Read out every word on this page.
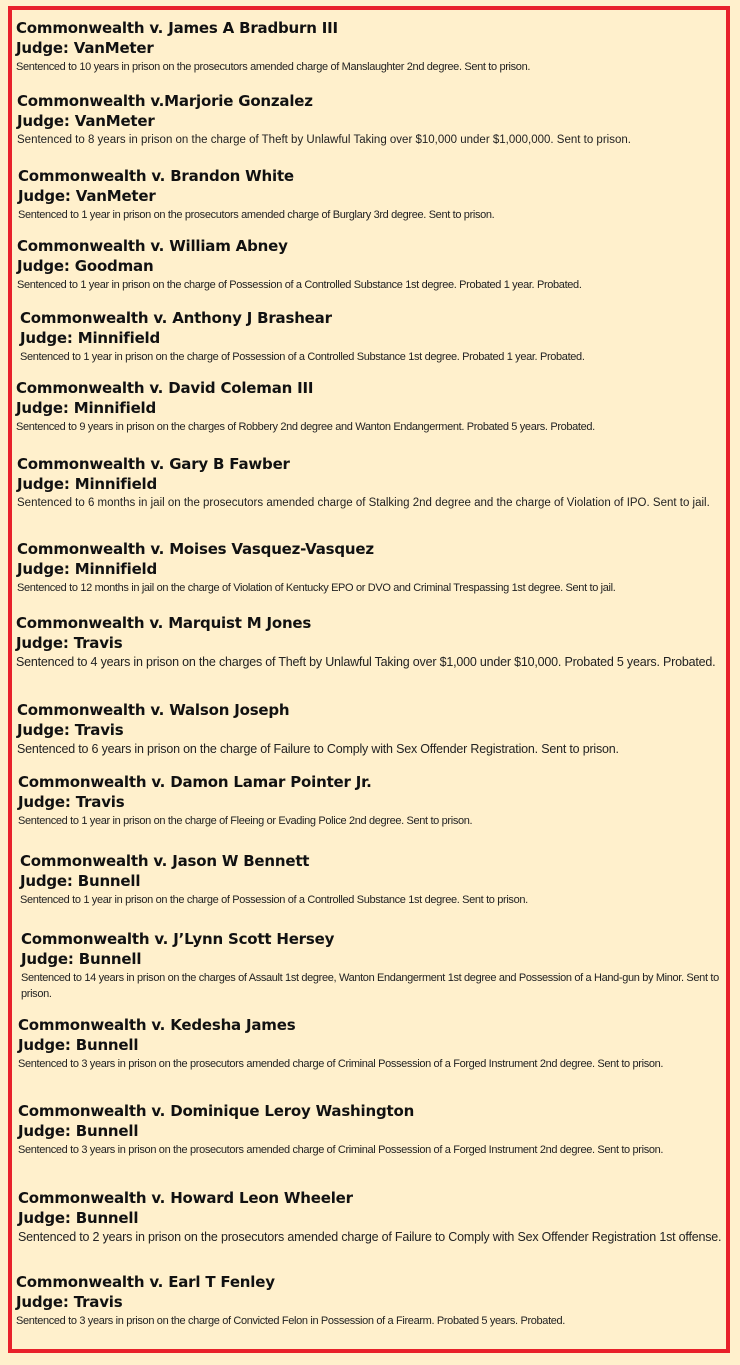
Commonwealth v. James A Bradburn III
Judge: VanMeter
Sentenced to 10 years in prison on the prosecutors amended charge of Manslaughter 2nd degree. Sent to prison.
Commonwealth v.Marjorie Gonzalez
Judge: VanMeter
Sentenced to 8 years in prison on the charge of Theft by Unlawful Taking over $10,000 under $1,000,000. Sent to prison.
Commonwealth v. Brandon White
Judge: VanMeter
Sentenced to 1 year in prison on the prosecutors amended charge of Burglary 3rd degree. Sent to prison.
Commonwealth v. William Abney
Judge: Goodman
Sentenced to 1 year in prison on the charge of Possession of a Controlled Substance 1st degree. Probated 1 year. Probated.
Commonwealth v. Anthony J Brashear
Judge: Minnifield
Sentenced to 1 year in prison on the charge of Possession of a Controlled Substance 1st degree. Probated 1 year. Probated.
Commonwealth v. David Coleman III
Judge: Minnifield
Sentenced to 9 years in prison on the charges of Robbery 2nd degree and Wanton Endangerment. Probated 5 years. Probated.
Commonwealth v. Gary B Fawber
Judge: Minnifield
Sentenced to 6 months in jail on the prosecutors amended charge of Stalking 2nd degree and the charge of Violation of IPO. Sent to jail.
Commonwealth v. Moises Vasquez-Vasquez
Judge: Minnifield
Sentenced to 12 months in jail on the charge of Violation of Kentucky EPO or DVO and Criminal Trespassing 1st degree. Sent to jail.
Commonwealth v. Marquist M Jones
Judge: Travis
Sentenced to 4 years in prison on the charges of Theft by Unlawful Taking over $1,000 under $10,000. Probated 5 years. Probated.
Commonwealth v. Walson Joseph
Judge: Travis
Sentenced to 6 years in prison on the charge of Failure to Comply with Sex Offender Registration. Sent to prison.
Commonwealth v. Damon Lamar Pointer Jr.
Judge: Travis
Sentenced to 1 year in prison on the charge of Fleeing or Evading Police 2nd degree. Sent to prison.
Commonwealth v. Jason W Bennett
Judge: Bunnell
Sentenced to 1 year in prison on the charge of Possession of a Controlled Substance 1st degree. Sent to prison.
Commonwealth v. J’Lynn Scott Hersey
Judge: Bunnell
Sentenced to 14 years in prison on the charges of Assault 1st degree, Wanton Endangerment 1st degree and Possession of a Hand-gun by Minor. Sent to prison.
Commonwealth v. Kedesha James
Judge: Bunnell
Sentenced to 3 years in prison on the prosecutors amended charge of Criminal Possession of a Forged Instrument 2nd degree. Sent to prison.
Commonwealth v. Dominique Leroy Washington
Judge: Bunnell
Sentenced to 3 years in prison on the prosecutors amended charge of Criminal Possession of a Forged Instrument 2nd degree. Sent to prison.
Commonwealth v. Howard Leon Wheeler
Judge: Bunnell
Sentenced to 2 years in prison on the prosecutors amended charge of Failure to Comply with Sex Offender Registration 1st offense.
Commonwealth v. Earl T Fenley
Judge: Travis
Sentenced to 3 years in prison on the charge of Convicted Felon in Possession of a Firearm. Probated 5 years. Probated.
